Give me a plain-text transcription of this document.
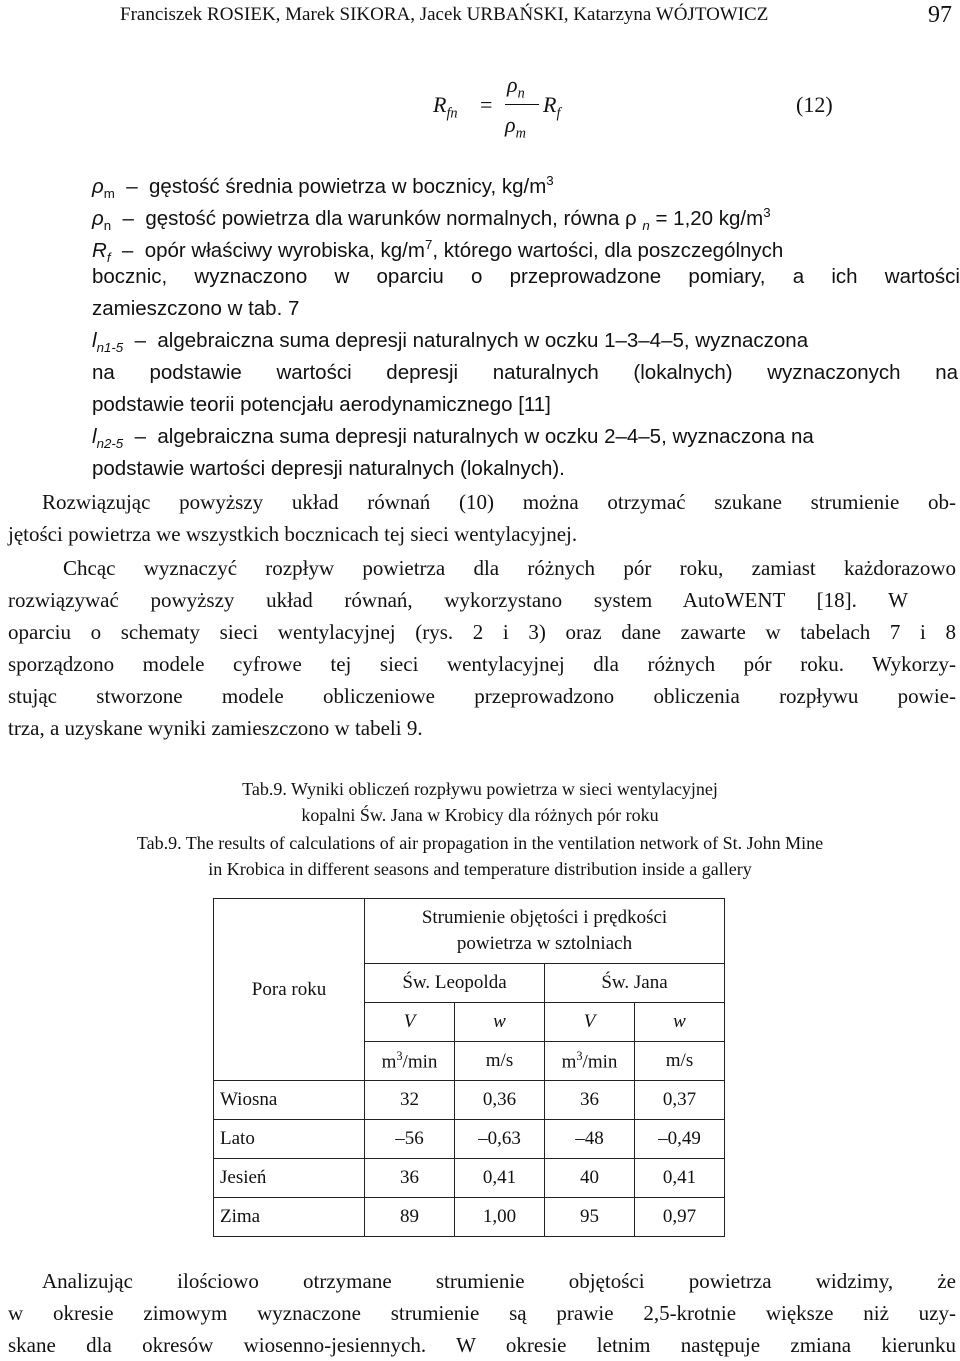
Franciszek ROSIEK, Marek SIKORA, Jacek URBAŃSKI, Katarzyna WÓJTOWICZ	97
$R_{fn}$ =
$\rho_n$
$\rho_m$
$R_f$	(12)
$\rho_m$  –  gęstość średnia powietrza w bocznicy, $kg/m^3$
$\rho_n$  –  gęstość powietrza dla warunków normalnych, równa ρ $_n$ = 1,20 $kg/m^3$
$R_f$  –  opór właściwy wyrobiska, $kg/m^7$, którego wartości, dla poszczególnych
bocznic, wyznaczono w oparciu o przeprowadzone pomiary, a ich wartości
zamieszczono w tab. 7
$l_{n1-5}$  –  algebraiczna suma depresji naturalnych w oczku 1–3–4–5, wyznaczona
na podstawie wartości depresji naturalnych (lokalnych) wyznaczonych na
podstawie teorii potencjału aerodynamicznego [11]
$l_{n2-5}$  –  algebraiczna suma depresji naturalnych w oczku 2–4–5, wyznaczona na
podstawie wartości depresji naturalnych (lokalnych).
Rozwiązując powyższy układ równań (10) można otrzymać szukane strumienie ob-
jętości powietrza we wszystkich bocznicach tej sieci wentylacyjnej.
Chcąc wyznaczyć rozpływ powietrza dla różnych pór roku, zamiast każdorazowo
rozwiązywać powyższy układ równań, wykorzystano system AutoWENT [18]. W
oparciu o schematy sieci wentylacyjnej (rys. 2 i 3) oraz dane zawarte w tabelach 7 i 8
sporządzono modele cyfrowe tej sieci wentylacyjnej dla różnych pór roku. Wykorzy-
stując stworzone modele obliczeniowe przeprowadzono obliczenia rozpływu powie-
trza, a uzyskane wyniki zamieszczono w tabeli 9.
Tab.9. Wyniki obliczeń rozpływu powietrza w sieci wentylacyjnej
kopalni Św. Jana w Krobicy dla różnych pór roku
Tab.9. The results of calculations of air propagation in the ventilation network of St. John Mine
in Krobica in different seasons and temperature distribution inside a gallery
Pora roku	Strumienie objętości i prędkości
powietrza w sztolniach			
	Św. Leopolda		Św. Jana	
	V	w	V	w
	$m^3/\min$	m/s	$m^3/\min$	m/s
Wiosna	32	0,36	36	0,37
Lato	–56	–0,63	–48	–0,49
Jesień	36	0,41	40	0,41
Zima	89	1,00	95	0,97
Analizując ilościowo otrzymane strumienie objętości powietrza widzimy, że
w okresie zimowym wyznaczone strumienie są prawie 2,5-krotnie większe niż uzy-
skane dla okresów wiosenno-jesiennych. W okresie letnim następuje zmiana kierunku
